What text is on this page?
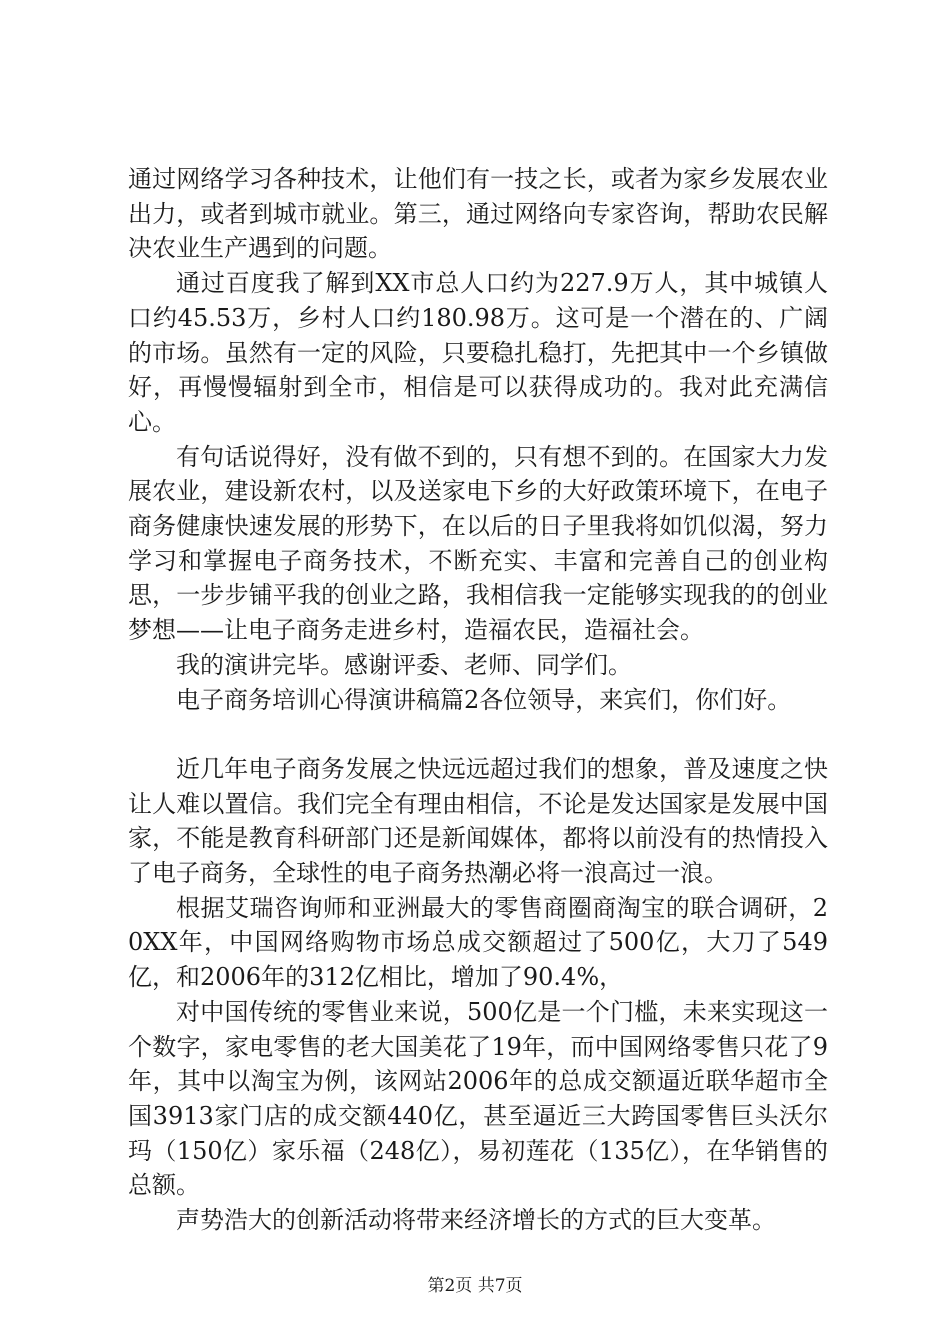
通过网络学习各种技术，让他们有一技之长，或者为家乡发展农业出力，或者到城市就业。第三，通过网络向专家咨询，帮助农民解决农业生产遇到的问题。

通过百度我了解到XX市总人口约为227.9万人，其中城镇人口约45.53万，乡村人口约180.98万。这可是一个潜在的、广阔的市场。虽然有一定的风险，只要稳扎稳打，先把其中一个乡镇做好，再慢慢辐射到全市，相信是可以获得成功的。我对此充满信心。

有句话说得好，没有做不到的，只有想不到的。在国家大力发展农业，建设新农村，以及送家电下乡的大好政策环境下，在电子商务健康快速发展的形势下，在以后的日子里我将如饥似渴，努力学习和掌握电子商务技术，不断充实、丰富和完善自己的创业构思，一步步铺平我的创业之路，我相信我一定能够实现我的的创业梦想——让电子商务走进乡村，造福农民，造福社会。

我的演讲完毕。感谢评委、老师、同学们。

电子商务培训心得演讲稿篇2各位领导，来宾们，你们好。

近几年电子商务发展之快远远超过我们的想象，普及速度之快让人难以置信。我们完全有理由相信，不论是发达国家是发展中国家，不能是教育科研部门还是新闻媒体，都将以前没有的热情投入了电子商务，全球性的电子商务热潮必将一浪高过一浪。

根据艾瑞咨询师和亚洲最大的零售商圈商淘宝的联合调研，20XX年，中国网络购物市场总成交额超过了500亿，大刀了549亿，和2006年的312亿相比，增加了90.4%，

对中国传统的零售业来说，500亿是一个门槛，未来实现这一个数字，家电零售的老大国美花了19年，而中国网络零售只花了9年，其中以淘宝为例，该网站2006年的总成交额逼近联华超市全国3913家门店的成交额440亿，甚至逼近三大跨国零售巨头沃尔玛（150亿）家乐福（248亿），易初莲花（135亿），在华销售的总额。

声势浩大的创新活动将带来经济增长的方式的巨大变革。

第2页 共7页
